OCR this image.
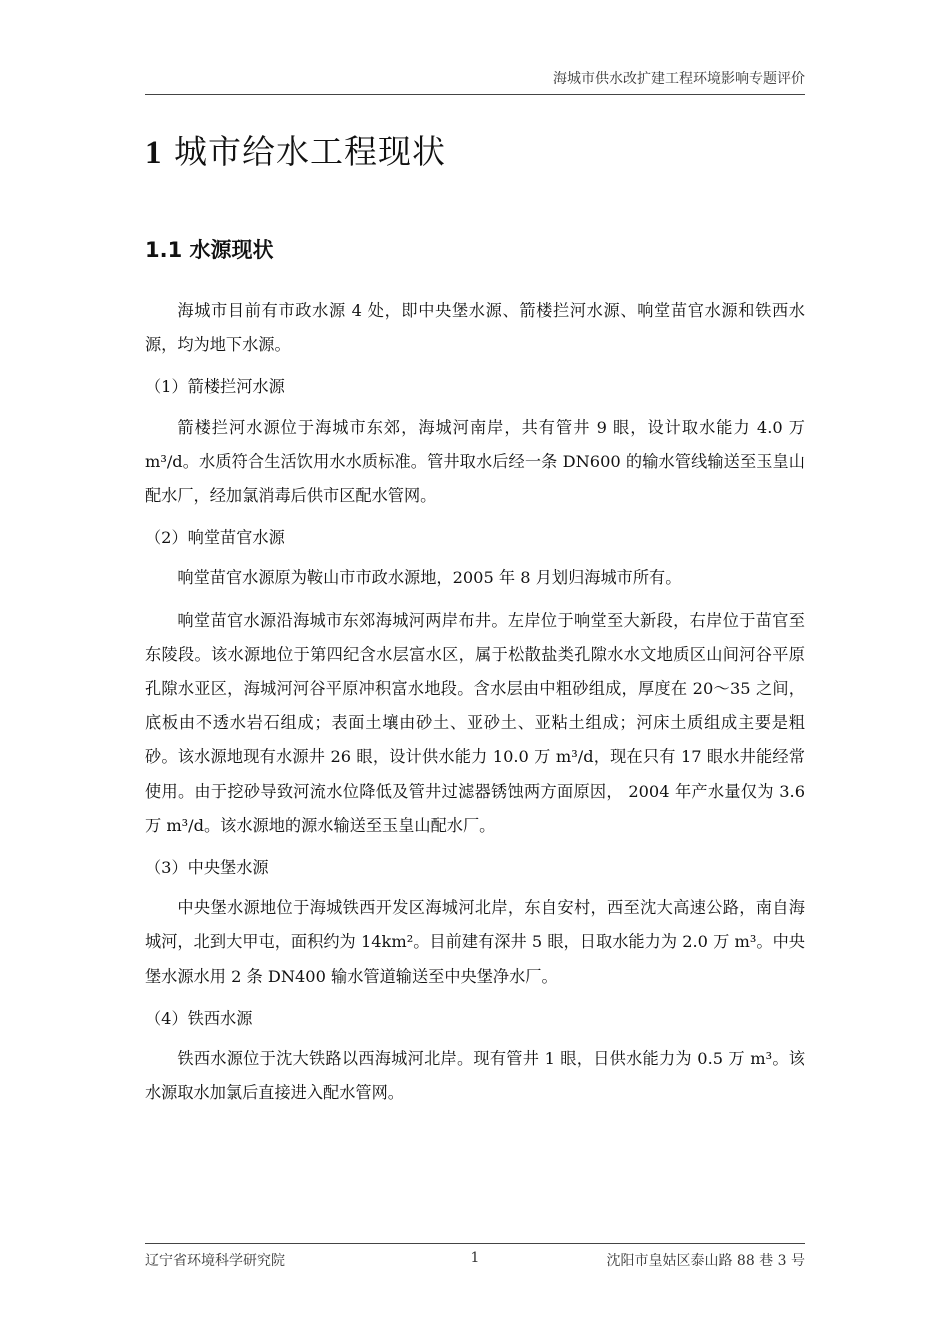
海城市供水改扩建工程环境影响专题评价
1 城市给水工程现状
1.1 水源现状

海城市目前有市政水源 4 处，即中央堡水源、箭楼拦河水源、响堂苗官水源和铁西水源，均为地下水源。

（1）箭楼拦河水源

箭楼拦河水源位于海城市东郊，海城河南岸，共有管井 9 眼，设计取水能力 4.0 万 m³/d。水质符合生活饮用水水质标准。管井取水后经一条 DN600 的输水管线输送至玉皇山配水厂，经加氯消毒后供市区配水管网。

（2）响堂苗官水源

响堂苗官水源原为鞍山市市政水源地，2005 年 8 月划归海城市所有。

响堂苗官水源沿海城市东郊海城河两岸布井。左岸位于响堂至大新段，右岸位于苗官至东陵段。该水源地位于第四纪含水层富水区，属于松散盐类孔隙水水文地质区山间河谷平原孔隙水亚区，海城河河谷平原冲积富水地段。含水层由中粗砂组成，厚度在 20～35 之间，底板由不透水岩石组成；表面土壤由砂土、亚砂土、亚粘土组成；河床土质组成主要是粗砂。该水源地现有水源井 26 眼，设计供水能力 10.0 万 m³/d，现在只有 17 眼水井能经常使用。由于挖砂导致河流水位降低及管井过滤器锈蚀两方面原因， 2004 年产水量仅为 3.6 万 m³/d。该水源地的源水输送至玉皇山配水厂。

（3）中央堡水源

中央堡水源地位于海城铁西开发区海城河北岸，东自安村，西至沈大高速公路，南自海城河，北到大甲屯，面积约为 14km²。目前建有深井 5 眼，日取水能力为 2.0 万 m³。中央堡水源水用 2 条 DN400 输水管道输送至中央堡净水厂。

（4）铁西水源

铁西水源位于沈大铁路以西海城河北岸。现有管井 1 眼，日供水能力为 0.5 万 m³。该水源取水加氯后直接进入配水管网。

辽宁省环境科学研究院	1	沈阳市皇姑区泰山路 88 巷 3 号
